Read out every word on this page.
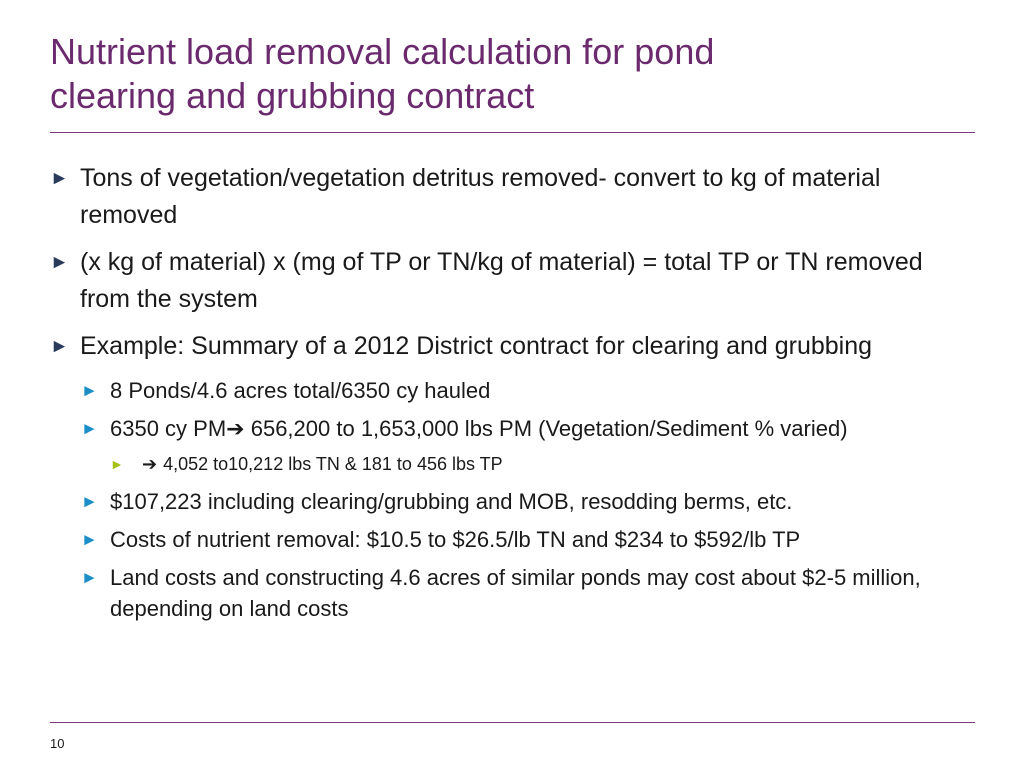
Nutrient load removal calculation for pond
clearing and grubbing contract
► Tons of vegetation/vegetation detritus removed- convert to kg of material removed
► (x kg of material) x (mg of TP or TN/kg of material) = total TP or TN removed from the system
► Example: Summary of a 2012 District contract for clearing and grubbing
► 8 Ponds/4.6 acres total/6350 cy hauled
► 6350 cy PM➔ 656,200 to 1,653,000 lbs PM (Vegetation/Sediment % varied)
► ➔ 4,052 to10,212 lbs TN & 181 to 456 lbs TP
► $107,223 including clearing/grubbing and MOB, resodding berms, etc.
► Costs of nutrient removal: $10.5 to $26.5/lb TN and $234 to $592/lb TP
► Land costs and constructing 4.6 acres of similar ponds may cost about $2-5 million, depending on land costs
10
